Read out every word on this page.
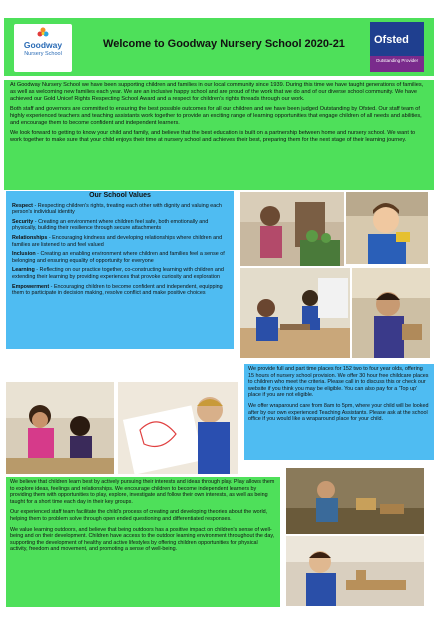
Goodway
Nursery School
Welcome to Goodway Nursery School 2020-21	Ofsted
Outstanding Provider

At Goodway Nursery School we have been supporting children and families in our local community since 1939. During this time we have taught generations of families, as well as welcoming new families each year. We are an inclusive happy school and are proud of the work that we do and of our diverse school community. We have achieved our Gold Unicef Rights Respecting School Award and a respect for children's rights threads through our work.

Both staff and governors are committed to ensuring the best possible outcomes for all our children and we have been judged Outstanding by Ofsted. Our staff team of highly experienced teachers and teaching assistants work together to provide an exciting range of learning opportunities that engage children of all needs and abilities, and encourage them to become confident and independent learners.

We look forward to getting to know your child and family, and believe that the best education is built on a partnership between home and nursery school. We want to work together to make sure that your child enjoys their time at nursery school and achieves their best, preparing them for the next stage of their learning journey.

Our School Values

Respect - Respecting children's rights, treating each other with dignity and valuing each person's individual identity

Security - Creating an environment where children feel safe, both emotionally and physically, building their resilience through secure attachments

Relationships - Encouraging kindness and developing relationships where children and families are listened to and feel valued

Inclusion - Creating an enabling environment where children and families feel a sense of belonging and ensuring equality of opportunity for everyone

Learning - Reflecting on our practice together, co-constructing learning with children and extending their learning by providing experiences that provoke curiosity and exploration

Empowerment - Encouraging children to become confident and independent, equipping them to participate in decision making, resolve conflict and make positive choices

We provide full and part time places for 152 two to four year olds, offering 15 hours of nursery school provision. We offer 30 hour free childcare places to children who meet the criteria. Please call in to discuss this or check our website if you think you may be eligible. You can also pay for a 'Top up' place if you are not eligible.

We offer wraparound care from 8am to 5pm, where your child will be looked after by our own experienced Teaching Assistants. Please ask at the school office if you would like a wraparound place for your child.

We believe that children learn best by actively pursuing their interests and ideas through play. Play allows them to explore ideas, feelings and relationships. We encourage children to become independent learners by providing them with opportunities to play, explore, investigate and follow their own interests, as well as being taught for a short time each day in their key groups.

Our experienced staff team facilitate the child's process of creating and developing theories about the world, helping them to problem solve through open ended questioning and differentiated responses.

We value learning outdoors, and believe that being outdoors has a positive impact on children's sense of well-being and on their development. Children have access to the outdoor learning environment throughout the day, supporting the development of healthy and active lifestyles by offering children opportunities for physical activity, freedom and movement, and promoting a sense of well-being.
